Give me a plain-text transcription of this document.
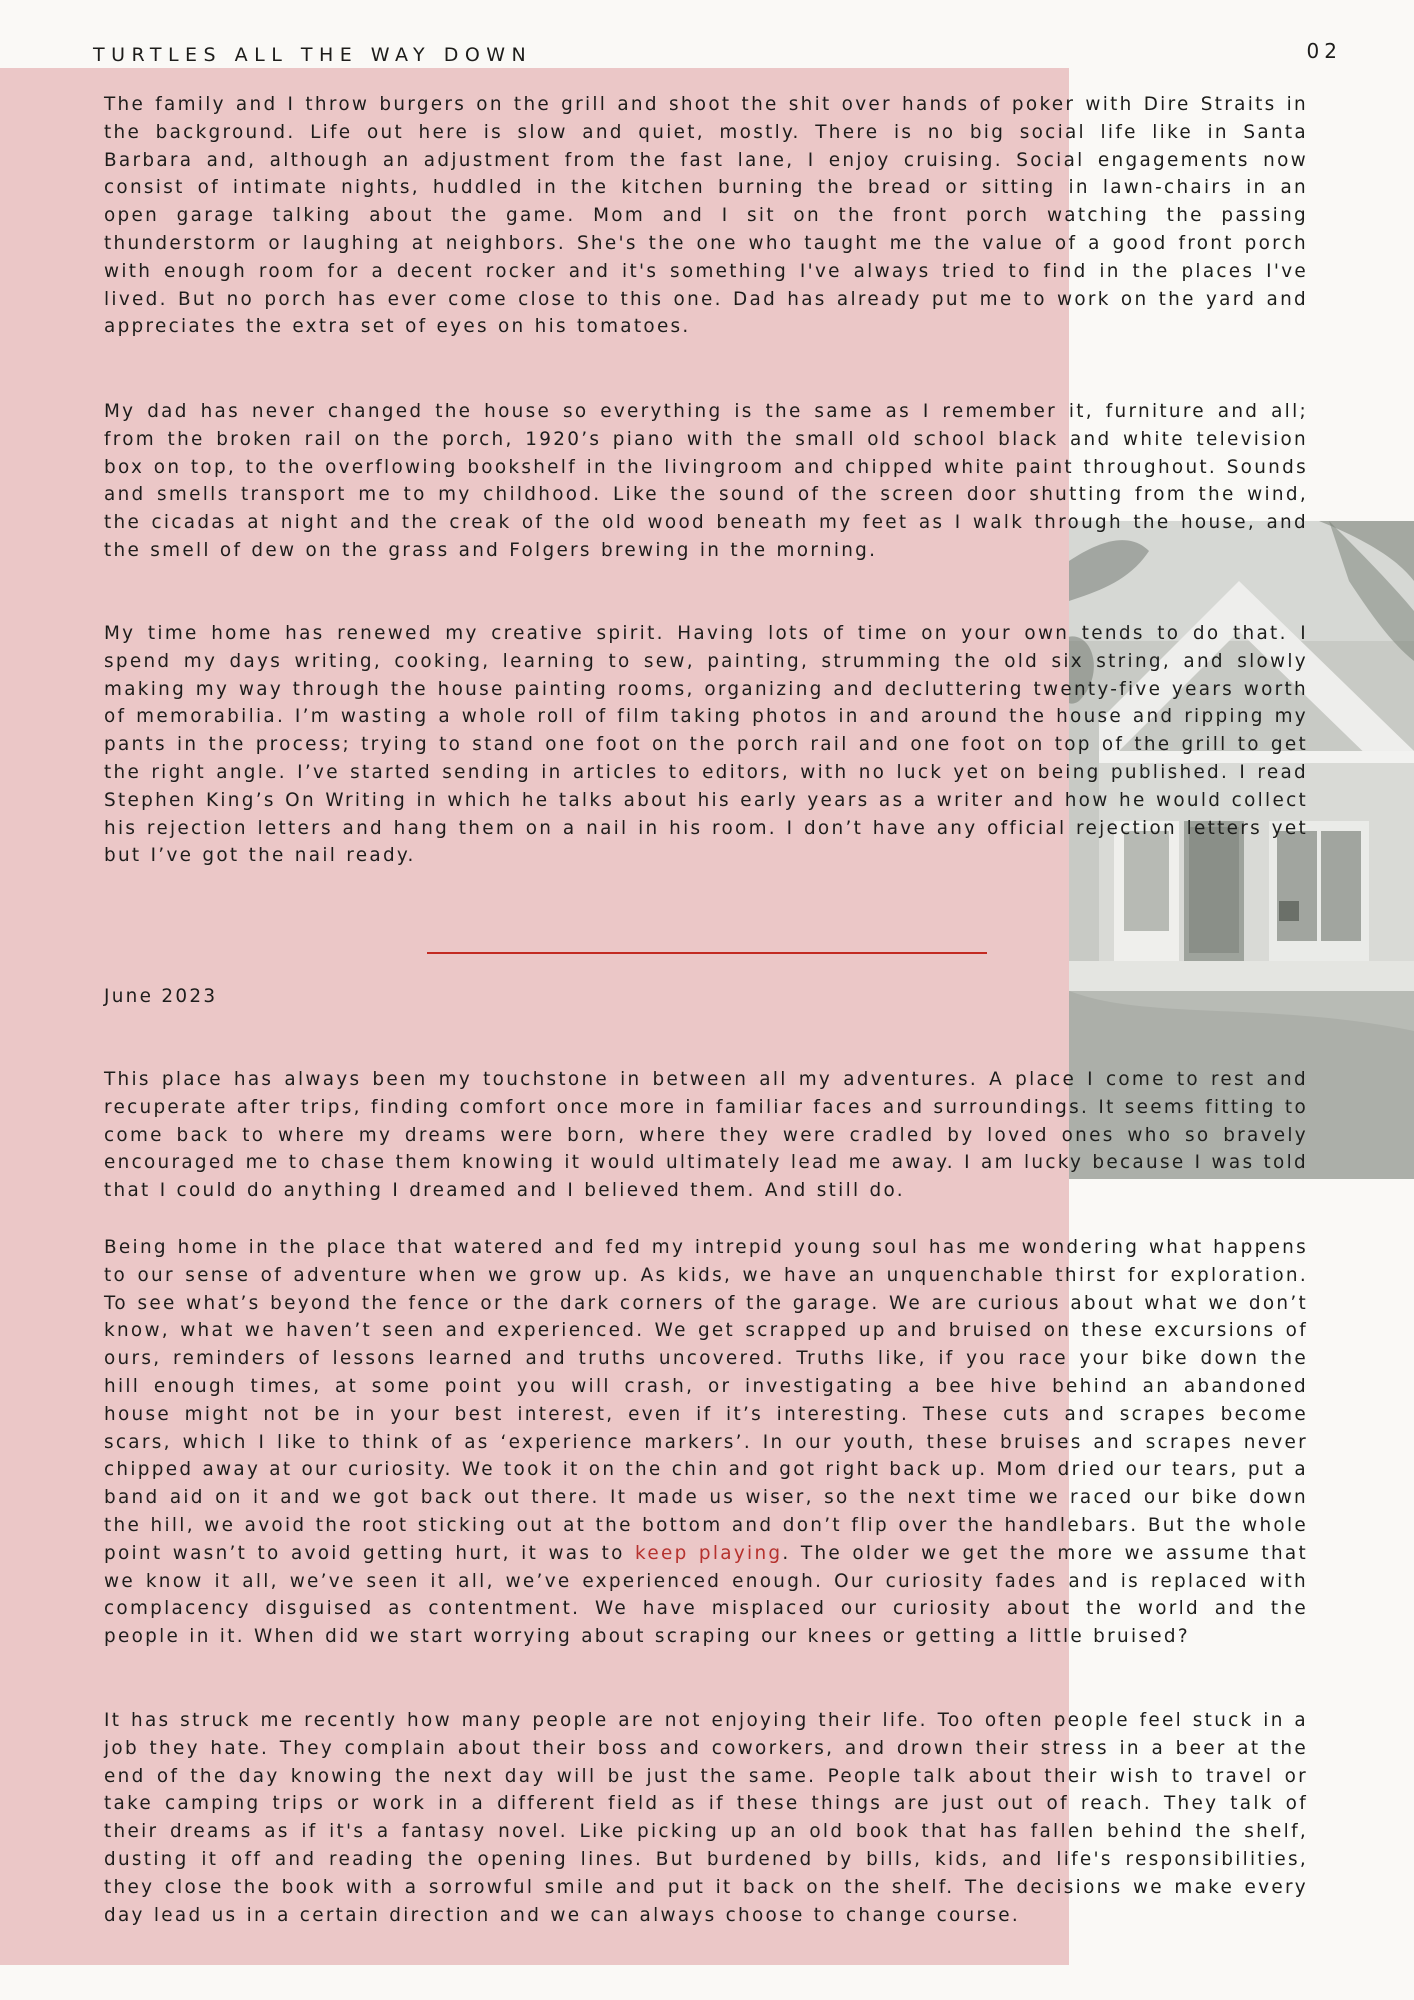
TURTLES ALL THE WAY DOWN	02

The family and I throw burgers on the grill and shoot the shit over hands of poker with Dire Straits in the background. Life out here is slow and quiet, mostly. There is no big social life like in Santa Barbara and, although an adjustment from the fast lane, I enjoy cruising. Social engagements now consist of intimate nights, huddled in the kitchen burning the bread or sitting in lawn-chairs in an open garage talking about the game. Mom and I sit on the front porch watching the passing thunderstorm or laughing at neighbors. She's the one who taught me the value of a good front porch with enough room for a decent rocker and it's something I've always tried to find in the places I've lived. But no porch has ever come close to this one. Dad has already put me to work on the yard and appreciates the extra set of eyes on his tomatoes.

My dad has never changed the house so everything is the same as I remember it, furniture and all; from the broken rail on the porch, 1920’s piano with the small old school black and white television box on top, to the overflowing bookshelf in the livingroom and chipped white paint throughout. Sounds and smells transport me to my childhood. Like the sound of the screen door shutting from the wind, the cicadas at night and the creak of the old wood beneath my feet as I walk through the house, and the smell of dew on the grass and Folgers brewing in the morning.

My time home has renewed my creative spirit. Having lots of time on your own tends to do that. I spend my days writing, cooking, learning to sew, painting, strumming the old six string, and slowly making my way through the house painting rooms, organizing and decluttering twenty-five years worth of memorabilia. I’m wasting a whole roll of film taking photos in and around the house and ripping my pants in the process; trying to stand one foot on the porch rail and one foot on top of the grill to get the right angle. I’ve started sending in articles to editors, with no luck yet on being published. I read Stephen King’s On Writing in which he talks about his early years as a writer and how he would collect his rejection letters and hang them on a nail in his room. I don’t have any official rejection letters yet but I’ve got the nail ready.

June 2023

This place has always been my touchstone in between all my adventures. A place I come to rest and recuperate after trips, finding comfort once more in familiar faces and surroundings. It seems fitting to come back to where my dreams were born, where they were cradled by loved ones who so bravely encouraged me to chase them knowing it would ultimately lead me away. I am lucky because I was told that I could do anything I dreamed and I believed them. And still do.

Being home in the place that watered and fed my intrepid young soul has me wondering what happens to our sense of adventure when we grow up. As kids, we have an unquenchable thirst for exploration. To see what’s beyond the fence or the dark corners of the garage. We are curious about what we don’t know, what we haven’t seen and experienced. We get scrapped up and bruised on these excursions of ours, reminders of lessons learned and truths uncovered. Truths like, if you race your bike down the hill enough times, at some point you will crash, or investigating a bee hive behind an abandoned house might not be in your best interest, even if it’s interesting. These cuts and scrapes become scars, which I like to think of as ‘experience markers’. In our youth, these bruises and scrapes never chipped away at our curiosity. We took it on the chin and got right back up. Mom dried our tears, put a band aid on it and we got back out there. It made us wiser, so the next time we raced our bike down the hill, we avoid the root sticking out at the bottom and don’t flip over the handlebars. But the whole point wasn’t to avoid getting hurt, it was to keep playing. The older we get the more we assume that we know it all, we’ve seen it all, we’ve experienced enough. Our curiosity fades and is replaced with complacency disguised as contentment. We have misplaced our curiosity about the world and the people in it. When did we start worrying about scraping our knees or getting a little bruised?

It has struck me recently how many people are not enjoying their life. Too often people feel stuck in a job they hate. They complain about their boss and coworkers, and drown their stress in a beer at the end of the day knowing the next day will be just the same. People talk about their wish to travel or take camping trips or work in a different field as if these things are just out of reach. They talk of their dreams as if it's a fantasy novel. Like picking up an old book that has fallen behind the shelf, dusting it off and reading the opening lines. But burdened by bills, kids, and life's responsibilities, they close the book with a sorrowful smile and put it back on the shelf. The decisions we make every day lead us in a certain direction and we can always choose to change course.
